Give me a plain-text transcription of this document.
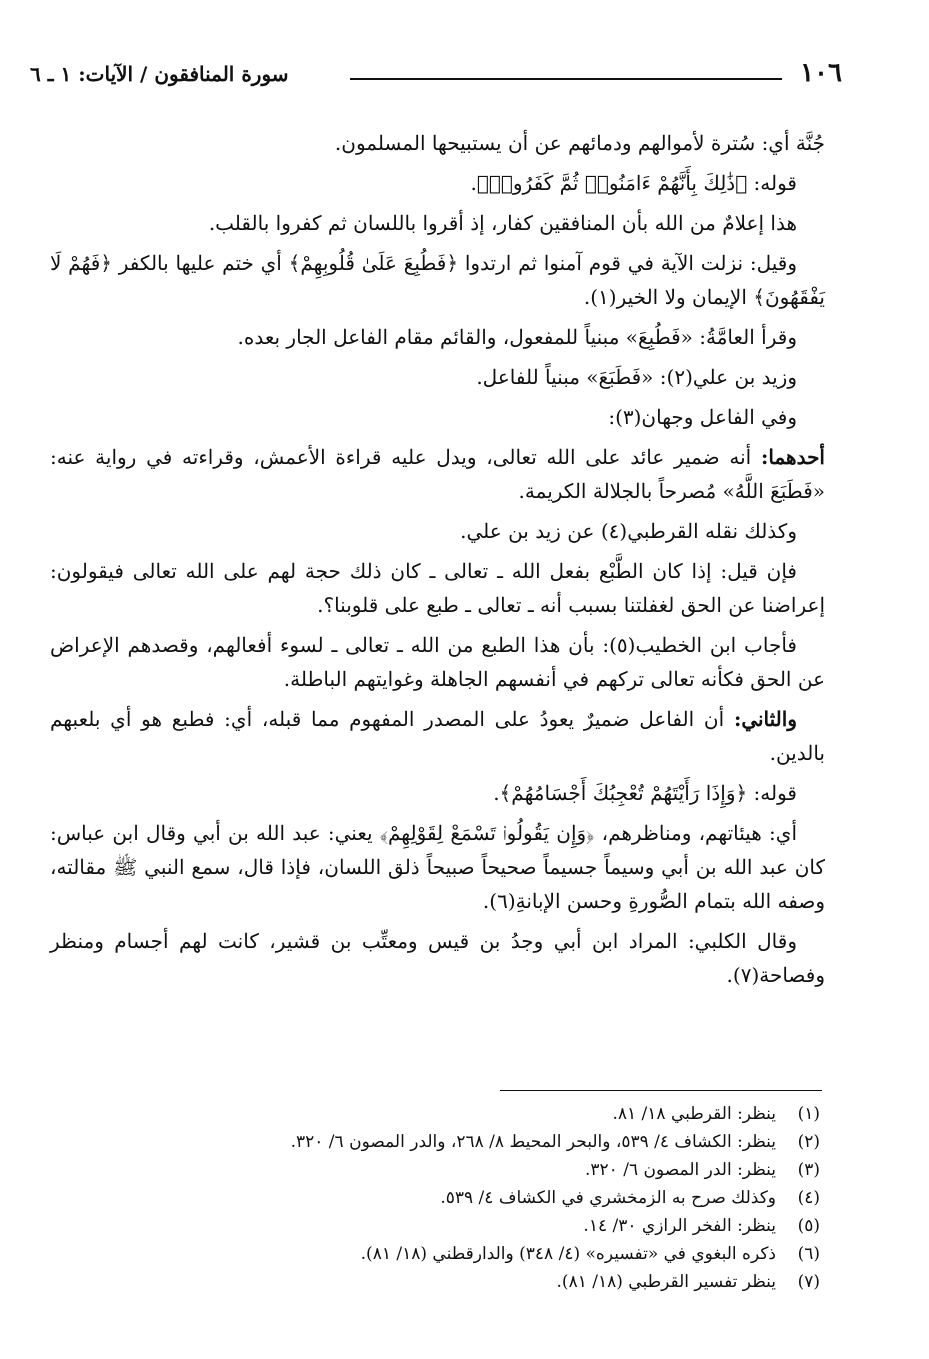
١٠٦
سورة المنافقون / الآيات: ١ ـ ٦

جُنَّة أي: سُترة لأموالهم ودمائهم عن أن يستبيحها المسلمون.

قوله: ﴿ذَٰلِكَ بِأَنَّهُمْ ءَامَنُوا۟ ثُمَّ كَفَرُوا۟﴾.

هذا إعلامٌ من الله بأن المنافقين كفار، إذ أقروا باللسان ثم كفروا بالقلب.

وقيل: نزلت الآية في قوم آمنوا ثم ارتدوا ﴿فَطُبِعَ عَلَىٰ قُلُوبِهِمْ﴾ أي ختم عليها بالكفر ﴿فَهُمْ لَا يَفْقَهُونَ﴾ الإيمان ولا الخير(١).

وقرأ العامَّةُ: «فَطُبِعَ» مبنياً للمفعول، والقائم مقام الفاعل الجار بعده.

وزيد بن علي(٢): «فَطَبَعَ» مبنياً للفاعل.

وفي الفاعل وجهان(٣):

أحدهما: أنه ضمير عائد على الله تعالى، ويدل عليه قراءة الأعمش، وقراءته في رواية عنه: «فَطَبَعَ اللَّهُ» مُصرحاً بالجلالة الكريمة.

وكذلك نقله القرطبي(٤) عن زيد بن علي.

فإن قيل: إذا كان الطَّبْع بفعل الله ـ تعالى ـ كان ذلك حجة لهم على الله تعالى فيقولون: إعراضنا عن الحق لغفلتنا بسبب أنه ـ تعالى ـ طبع على قلوبنا؟.

فأجاب ابن الخطيب(٥): بأن هذا الطبع من الله ـ تعالى ـ لسوء أفعالهم، وقصدهم الإعراض عن الحق فكأنه تعالى تركهم في أنفسهم الجاهلة وغوايتهم الباطلة.

والثاني: أن الفاعل ضميرٌ يعودُ على المصدر المفهوم مما قبله، أي: فطبع هو أي بلعبهم بالدين.

قوله: ﴿وَإِذَا رَأَيْتَهُمْ تُعْجِبُكَ أَجْسَامُهُمْ﴾.

أي: هيئاتهم، ومناظرهم، ﴿وَإِن يَقُولُوا۟ تَسْمَعْ لِقَوْلِهِمْ﴾ يعني: عبد الله بن أبي وقال ابن عباس: كان عبد الله بن أبي وسيماً جسيماً صحيحاً صبيحاً ذلق اللسان، فإذا قال، سمع النبي ﷺ مقالته، وصفه الله بتمام الصُّورةِ وحسن الإبانةِ(٦).

وقال الكلبي: المراد ابن أبي وجدُ بن قيس ومعتِّب بن قشير، كانت لهم أجسام ومنظر وفصاحة(٧).

(١)
ينظر: القرطبي ١٨/ ٨١.
(٢)
ينظر: الكشاف ٤/ ٥٣٩، والبحر المحيط ٨/ ٢٦٨، والدر المصون ٦/ ٣٢٠.
(٣)
ينظر: الدر المصون ٦/ ٣٢٠.
(٤)
وكذلك صرح به الزمخشري في الكشاف ٤/ ٥٣٩.
(٥)
ينظر: الفخر الرازي ٣٠/ ١٤.
(٦)
ذكره البغوي في «تفسيره» (٤/ ٣٤٨) والدارقطني (١٨/ ٨١).
(٧)
ينظر تفسير القرطبي (١٨/ ٨١).
